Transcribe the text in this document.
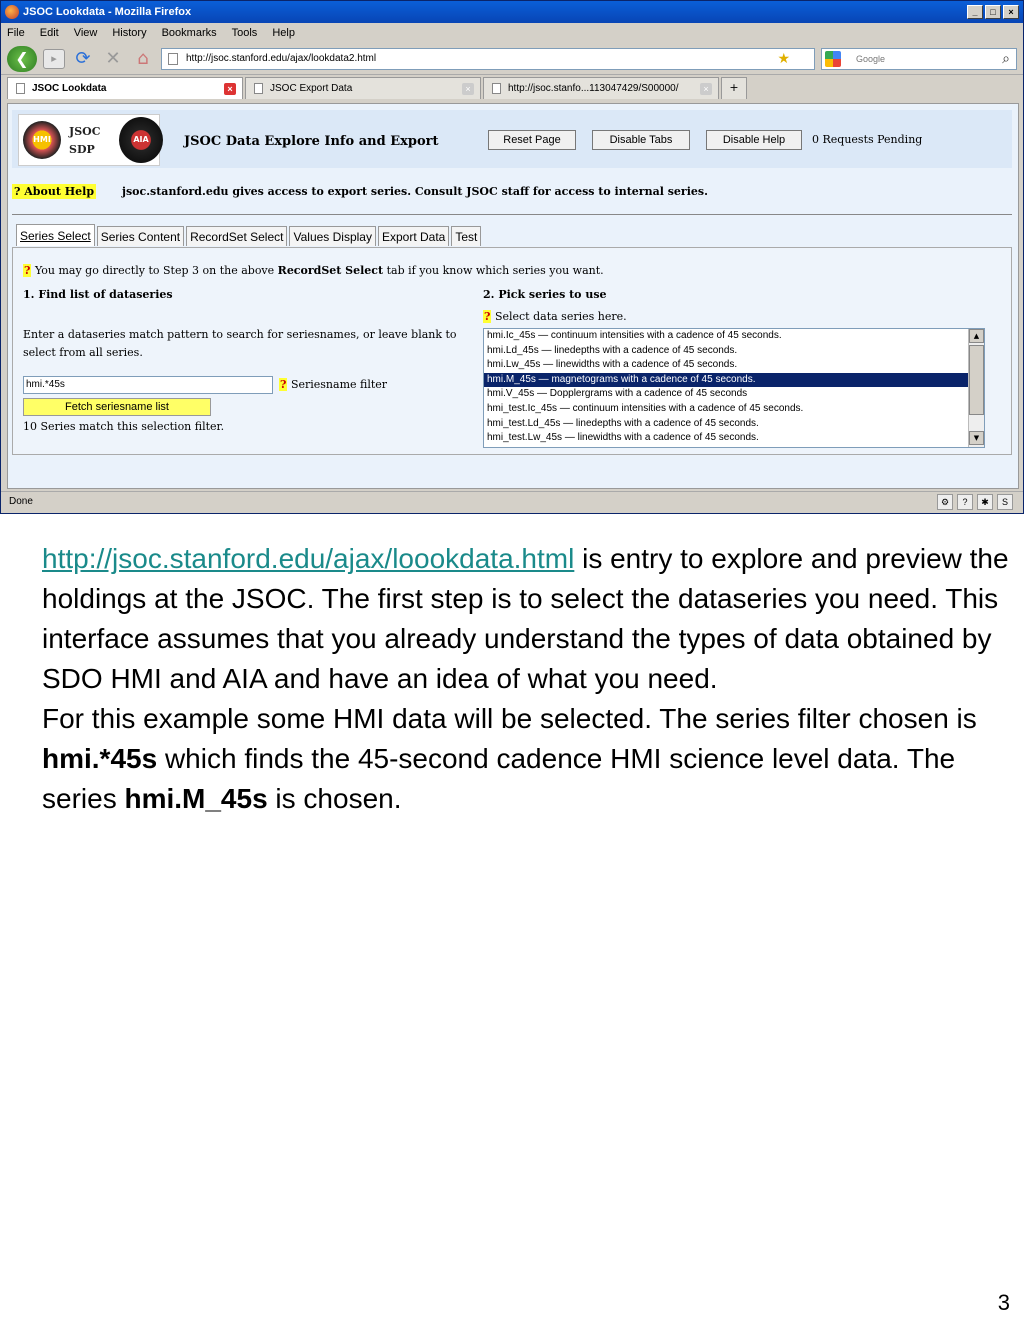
JSOC Lookdata - Mozilla Firefox	_	□	×
File Edit View History Bookmarks Tools Help
❮	▸	⟳ ✕ ⌂	http://jsoc.stanford.edu/ajax/lookdata2.html	★	Google	⌕
JSOC Lookdata	×	JSOC Export Data	×	http://jsoc.stanfo...113047429/S00000/	×	+
HMI
JSOC
SDP
AIA	JSOC Data Explore Info and Export	Reset Page	Disable Tabs	Disable Help	0 Requests Pending
? About Help	jsoc.stanford.edu gives access to export series. Consult JSOC staff for access to internal series.
Series Select Series Content RecordSet Select Values Display Export Data Test
? You may go directly to Step 3 on the above RecordSet Select tab if you know which series you want.
1. Find list of dataseries	2. Pick series to use
? Select data series here.
Enter a dataseries match pattern to search for seriesnames, or leave blank to select from all series.
hmi.*45s	? Seriesname filter
Fetch seriesname list
10 Series match this selection filter.
hmi.Ic_45s — continuum intensities with a cadence of 45 seconds.
hmi.Ld_45s — linedepths with a cadence of 45 seconds.
hmi.Lw_45s — linewidths with a cadence of 45 seconds.
hmi.M_45s — magnetograms with a cadence of 45 seconds.
hmi.V_45s — Dopplergrams with a cadence of 45 seconds
hmi_test.Ic_45s — continuum intensities with a cadence of 45 seconds.
hmi_test.Ld_45s — linedepths with a cadence of 45 seconds.
hmi_test.Lw_45s — linewidths with a cadence of 45 seconds.
▲
▼
Done	⚙	?	✱	S
http://jsoc.stanford.edu/ajax/loookdata.html is entry to explore and preview the holdings at the JSOC. The first step is to select the dataseries you need. This interface assumes that you already understand the types of data obtained by SDO HMI and AIA and have an idea of what you need.
For this example some HMI data will be selected. The series filter chosen is hmi.*45s which finds the 45-second cadence HMI science level data. The series hmi.M_45s is chosen.
3
